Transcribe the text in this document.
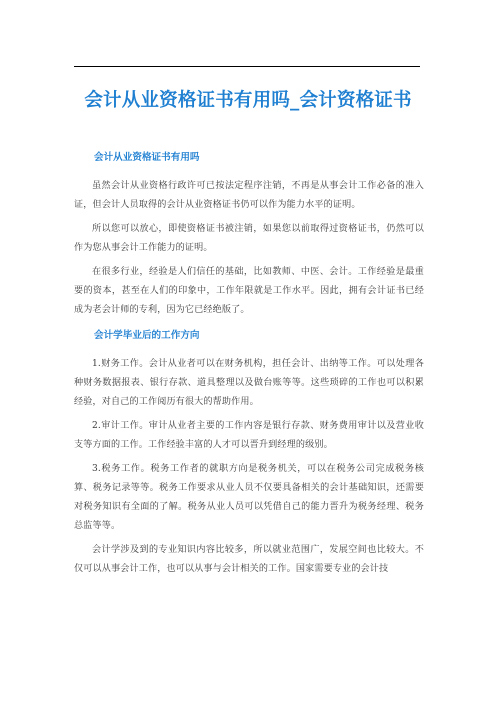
会计从业资格证书有用吗_会计资格证书
会计从业资格证书有用吗

虽然会计从业资格行政许可已按法定程序注销，不再是从事会计工作必备的准入证，但会计人员取得的会计从业资格证书仍可以作为能力水平的证明。

所以您可以放心，即使资格证书被注销，如果您以前取得过资格证书，仍然可以作为您从事会计工作能力的证明。

在很多行业，经验是人们信任的基础，比如教师、中医、会计。工作经验是最重要的资本，甚至在人们的印象中，工作年限就是工作水平。因此，拥有会计证书已经成为老会计师的专利，因为它已经绝版了。

会计学毕业后的工作方向

1.财务工作。会计从业者可以在财务机构，担任会计、出纳等工作。可以处理各种财务数据报表、银行存款、道具整理以及做台账等等。这些琐碎的工作也可以积累经验，对自己的工作阅历有很大的帮助作用。

2.审计工作。审计从业者主要的工作内容是银行存款、财务费用审计以及营业收支等方面的工作。工作经验丰富的人才可以晋升到经理的级别。

3.税务工作。税务工作者的就职方向是税务机关，可以在税务公司完成税务核算、税务记录等等。税务工作要求从业人员不仅要具备相关的会计基础知识，还需要对税务知识有全面的了解。税务从业人员可以凭借自己的能力晋升为税务经理、税务总监等等。

会计学涉及到的专业知识内容比较多，所以就业范围广，发展空间也比较大。不仅可以从事会计工作，也可以从事与会计相关的工作。国家需要专业的会计技
